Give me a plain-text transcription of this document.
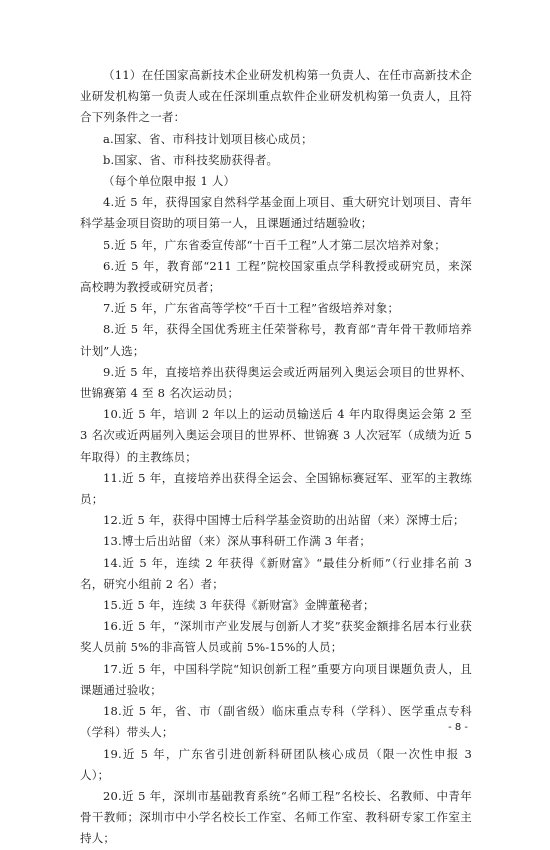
（11）在任国家高新技术企业研发机构第一负责人、在任市高新技术企业研发机构第一负责人或在任深圳重点软件企业研发机构第一负责人，且符合下列条件之一者：

a.国家、省、市科技计划项目核心成员；

b.国家、省、市科技奖励获得者。

（每个单位限申报 1 人）

4.近 5 年，获得国家自然科学基金面上项目、重大研究计划项目、青年科学基金项目资助的项目第一人，且课题通过结题验收；

5.近 5 年，广东省委宣传部“十百千工程”人才第二层次培养对象；

6.近 5 年，教育部“211 工程”院校国家重点学科教授或研究员，来深高校聘为教授或研究员者；

7.近 5 年，广东省高等学校“千百十工程”省级培养对象；

8.近 5 年，获得全国优秀班主任荣誉称号，教育部“青年骨干教师培养计划”人选；

9.近 5 年，直接培养出获得奥运会或近两届列入奥运会项目的世界杯、世锦赛第 4 至 8 名次运动员；

10.近 5 年，培训 2 年以上的运动员输送后 4 年内取得奥运会第 2 至 3 名次或近两届列入奥运会项目的世界杯、世锦赛 3 人次冠军（成绩为近 5 年取得）的主教练员；

11.近 5 年，直接培养出获得全运会、全国锦标赛冠军、亚军的主教练员；

12.近 5 年，获得中国博士后科学基金资助的出站留（来）深博士后；

13.博士后出站留（来）深从事科研工作满 3 年者；

14.近 5 年，连续 2 年获得《新财富》“最佳分析师”（行业排名前 3 名，研究小组前 2 名）者；

15.近 5 年，连续 3 年获得《新财富》金牌董秘者；

16.近 5 年，“深圳市产业发展与创新人才奖”获奖金额排名居本行业获奖人员前 5%的非高管人员或前 5%-15%的人员；

17.近 5 年，中国科学院“知识创新工程”重要方向项目课题负责人，且课题通过验收；

18.近 5 年，省、市（副省级）临床重点专科（学科）、医学重点专科（学科）带头人；

19.近 5 年，广东省引进创新科研团队核心成员（限一次性申报 3 人）；

20.近 5 年，深圳市基础教育系统“名师工程”名校长、名教师、中青年骨干教师；深圳市中小学名校长工作室、名师工作室、教科研专家工作室主持人；

- 8 -
